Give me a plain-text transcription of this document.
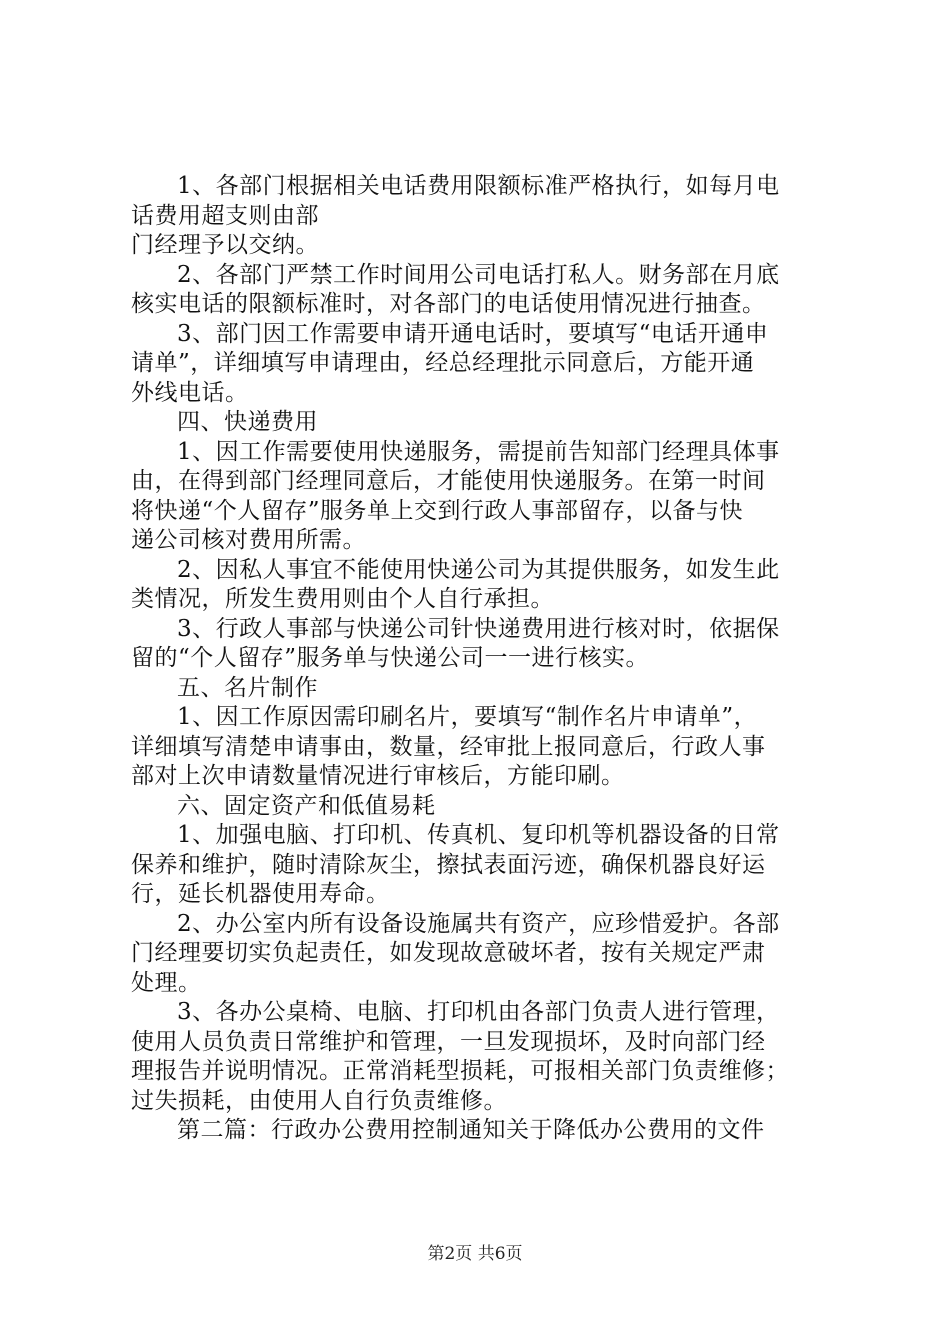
1、各部门根据相关电话费用限额标准严格执行，如每月电
话费用超支则由部
门经理予以交纳。
2、各部门严禁工作时间用公司电话打私人。财务部在月底
核实电话的限额标准时，对各部门的电话使用情况进行抽查。
3、部门因工作需要申请开通电话时，要填写“电话开通申
请单”，详细填写申请理由，经总经理批示同意后，方能开通
外线电话。
四、快递费用
1、因工作需要使用快递服务，需提前告知部门经理具体事
由，在得到部门经理同意后，才能使用快递服务。在第一时间
将快递“个人留存”服务单上交到行政人事部留存，以备与快
递公司核对费用所需。
2、因私人事宜不能使用快递公司为其提供服务，如发生此
类情况，所发生费用则由个人自行承担。
3、行政人事部与快递公司针快递费用进行核对时，依据保
留的“个人留存”服务单与快递公司一一进行核实。
五、名片制作
1、因工作原因需印刷名片，要填写“制作名片申请单”，
详细填写清楚申请事由，数量，经审批上报同意后，行政人事
部对上次申请数量情况进行审核后，方能印刷。
六、固定资产和低值易耗
1、加强电脑、打印机、传真机、复印机等机器设备的日常
保养和维护，随时清除灰尘，擦拭表面污迹，确保机器良好运
行，延长机器使用寿命。
2、办公室内所有设备设施属共有资产，应珍惜爱护。各部
门经理要切实负起责任，如发现故意破坏者，按有关规定严肃
处理。
3、各办公桌椅、电脑、打印机由各部门负责人进行管理，
使用人员负责日常维护和管理，一旦发现损坏，及时向部门经
理报告并说明情况。正常消耗型损耗，可报相关部门负责维修；
过失损耗，由使用人自行负责维修。
第二篇：行政办公费用控制通知关于降低办公费用的文件
第2页 共6页
